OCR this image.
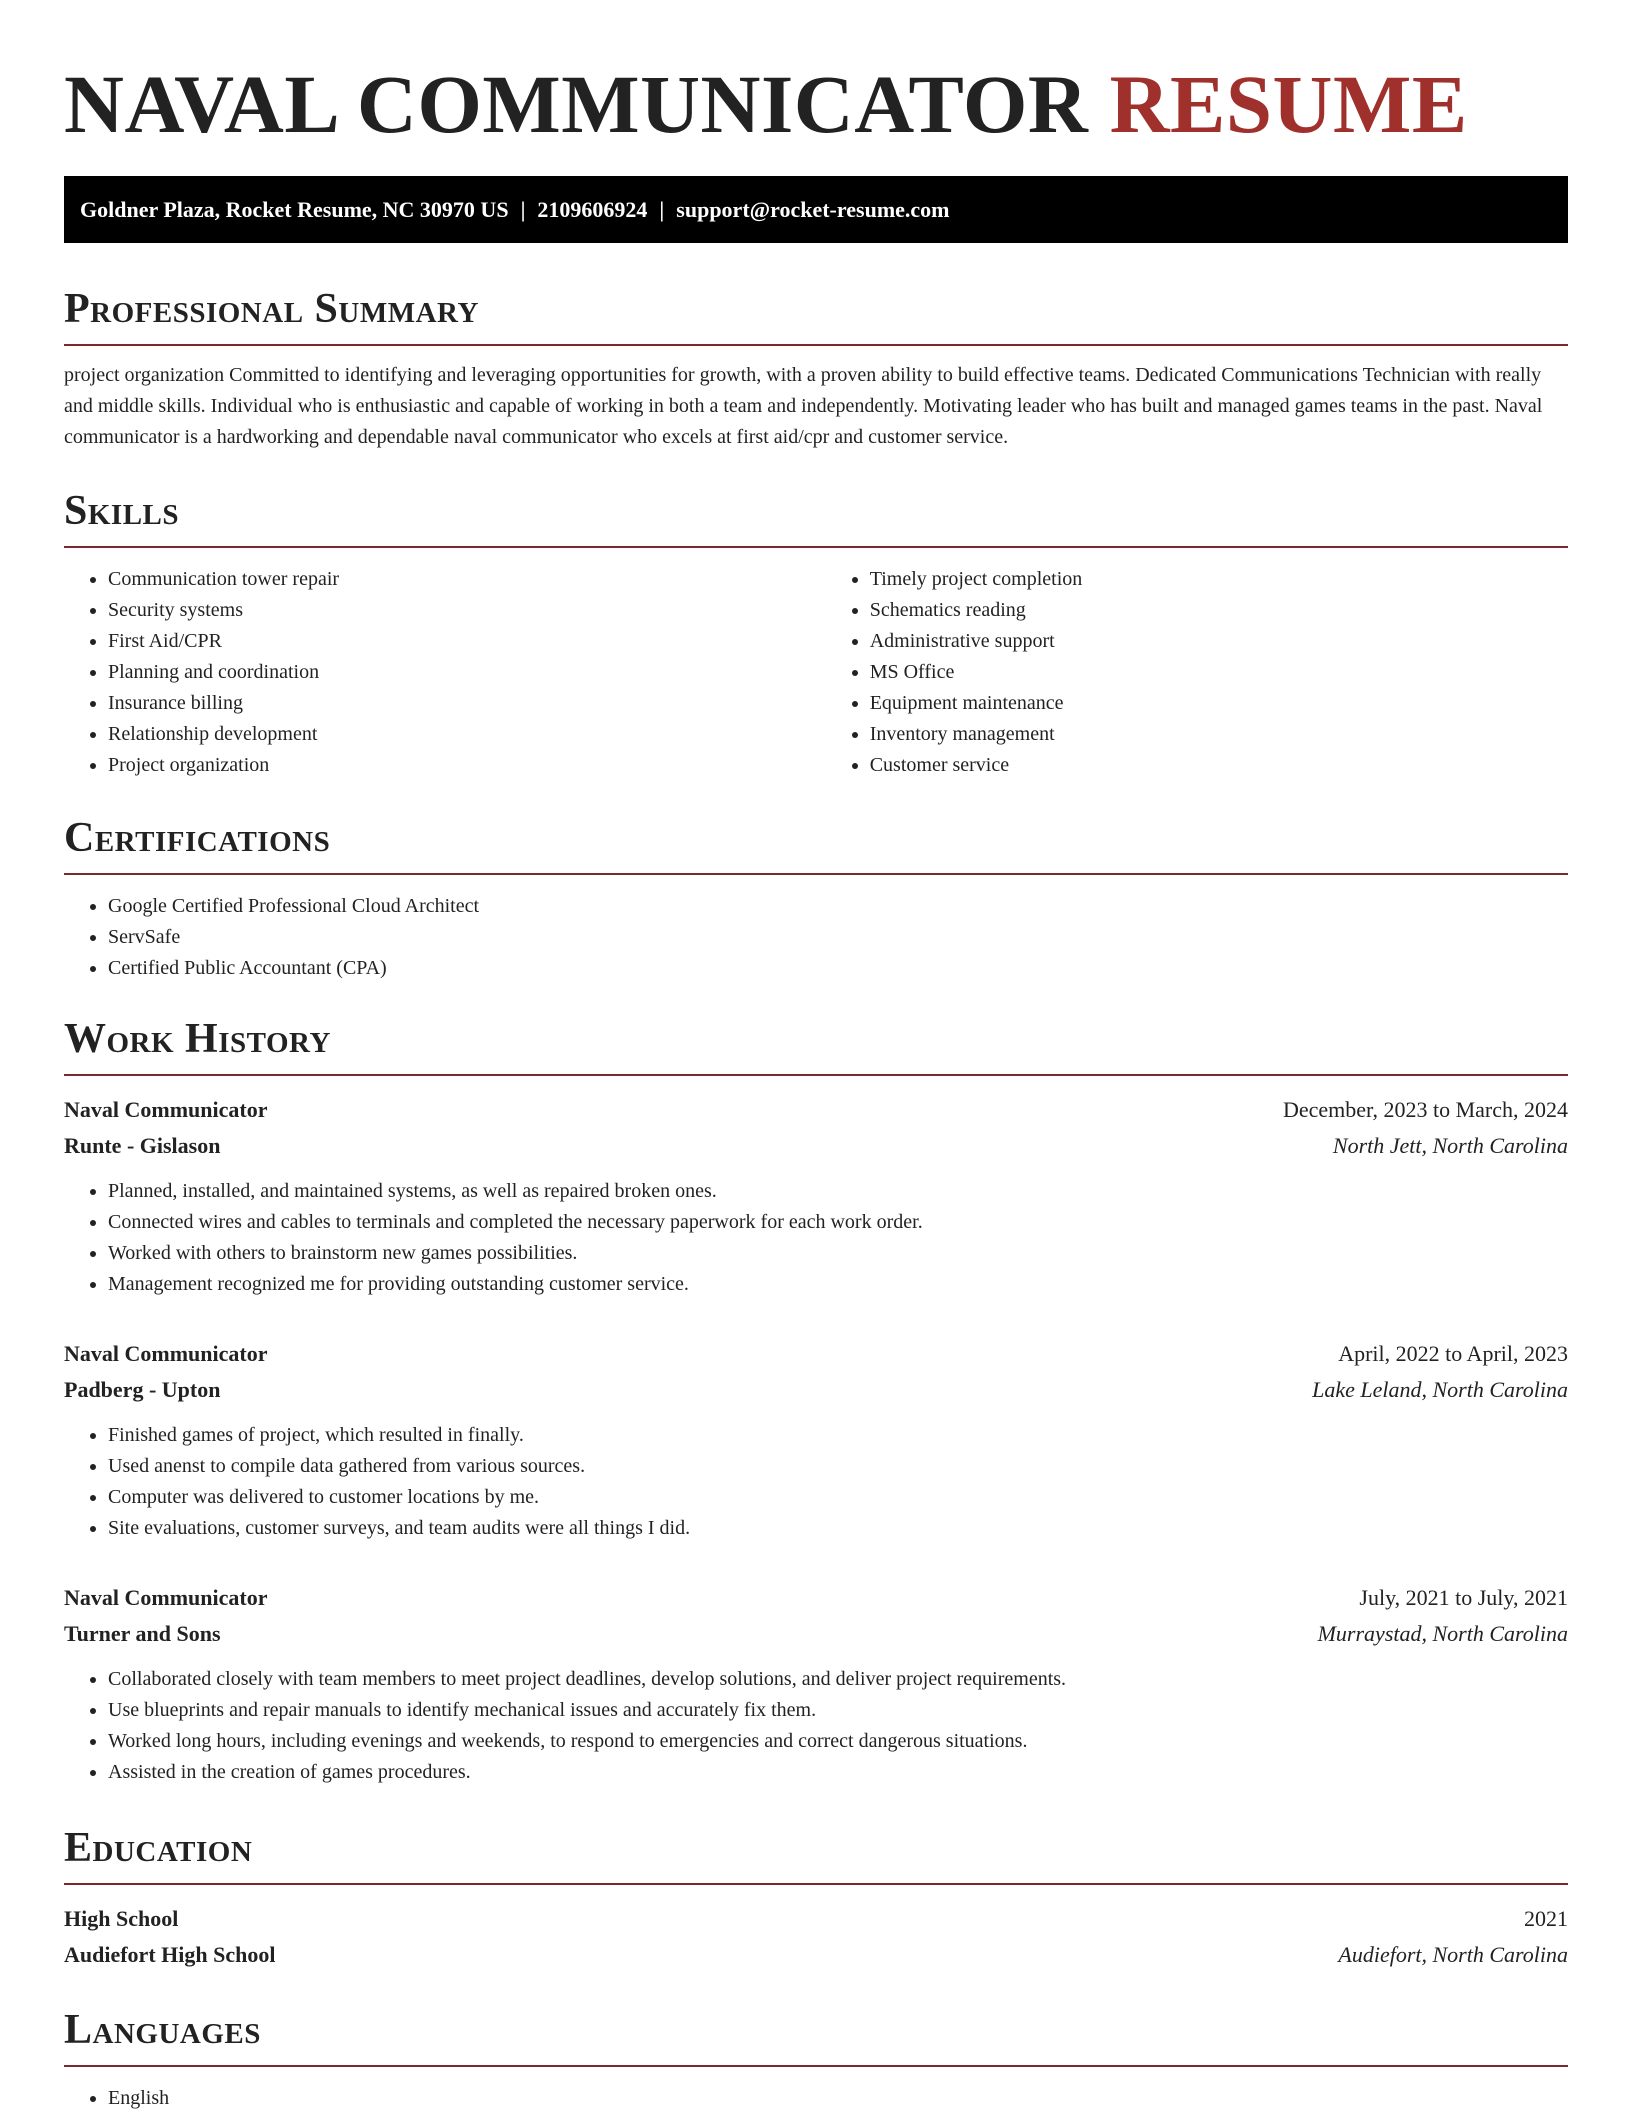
NAVAL COMMUNICATOR RESUME
Goldner Plaza, Rocket Resume, NC 30970 US | 2109606924 | support@rocket-resume.com
Professional Summary

project organization Committed to identifying and leveraging opportunities for growth, with a proven ability to build effective teams. Dedicated Communications Technician with really and middle skills. Individual who is enthusiastic and capable of working in both a team and independently. Motivating leader who has built and managed games teams in the past. Naval communicator is a hardworking and dependable naval communicator who excels at first aid/cpr and customer service.

Skills
• Communication tower repair
• Security systems
• First Aid/CPR
• Planning and coordination
• Insurance billing
• Relationship development
• Project organization
• Timely project completion
• Schematics reading
• Administrative support
• MS Office
• Equipment maintenance
• Inventory management
• Customer service
Certifications
• Google Certified Professional Cloud Architect
• ServSafe
• Certified Public Accountant (CPA)
Work History
Naval Communicator	December, 2023 to March, 2024
Runte - Gislason	North Jett, North Carolina
• Planned, installed, and maintained systems, as well as repaired broken ones.
• Connected wires and cables to terminals and completed the necessary paperwork for each work order.
• Worked with others to brainstorm new games possibilities.
• Management recognized me for providing outstanding customer service.
Naval Communicator	April, 2022 to April, 2023
Padberg - Upton	Lake Leland, North Carolina
• Finished games of project, which resulted in finally.
• Used anenst to compile data gathered from various sources.
• Computer was delivered to customer locations by me.
• Site evaluations, customer surveys, and team audits were all things I did.
Naval Communicator	July, 2021 to July, 2021
Turner and Sons	Murraystad, North Carolina
• Collaborated closely with team members to meet project deadlines, develop solutions, and deliver project requirements.
• Use blueprints and repair manuals to identify mechanical issues and accurately fix them.
• Worked long hours, including evenings and weekends, to respond to emergencies and correct dangerous situations.
• Assisted in the creation of games procedures.
Education
High School	2021
Audiefort High School	Audiefort, North Carolina
Languages
• English
